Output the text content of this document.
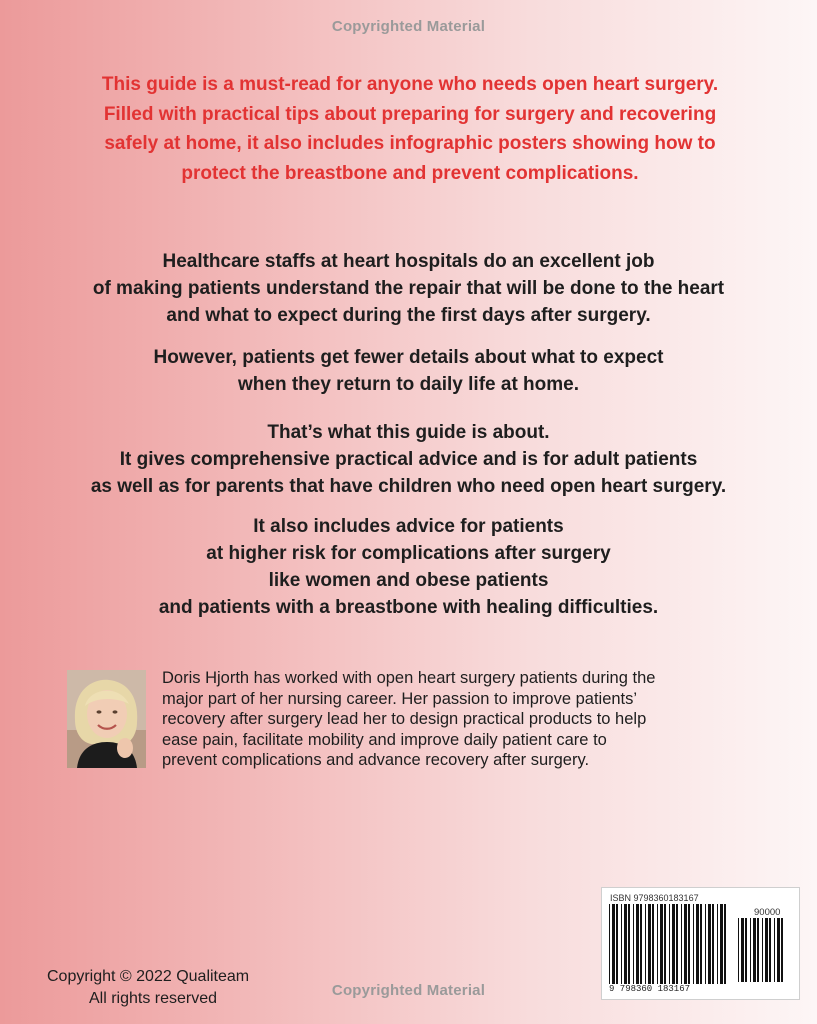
Copyrighted Material
This guide is a must-read for anyone who needs open heart surgery.
Filled with practical tips about preparing for surgery and recovering
safely at home, it also includes infographic posters showing how to
protect the breastbone and prevent complications.
Healthcare staffs at heart hospitals do an excellent job
of making patients understand the repair that will be done to the heart
and what to expect during the first days after surgery.
However, patients get fewer details about what to expect
when they return to daily life at home.
That’s what this guide is about.
It gives comprehensive practical advice and is for adult patients
as well as for parents that have children who need open heart surgery.
It also includes advice for patients
at higher risk for complications after surgery
like women and obese patients
and patients with a breastbone with healing difficulties.
Doris Hjorth has worked with open heart surgery patients during the
major part of her nursing career. Her passion to improve patients’
recovery after surgery lead her to design practical products to help
ease pain, facilitate mobility and improve daily patient care to
prevent complications and advance recovery after surgery.
Copyright © 2022 Qualiteam
All rights reserved	Copyrighted Material
ISBN 9798360183167
90000
9 798360 183167
